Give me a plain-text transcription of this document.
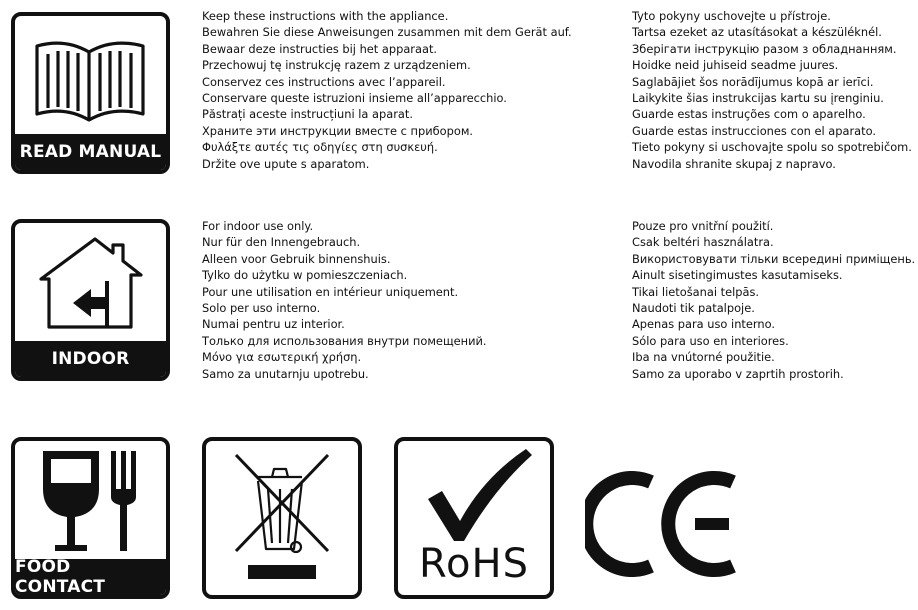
READ MANUAL
Keep these instructions with the appliance.
Bewahren Sie diese Anweisungen zusammen mit dem Gerät auf.
Bewaar deze instructies bij het apparaat.
Przechowuj tę instrukcję razem z urządzeniem.
Conservez ces instructions avec l’appareil.
Conservare queste istruzioni insieme all’apparecchio.
Păstrați aceste instrucțiuni la aparat.
Храните эти инструкции вместе с прибором.
Φυλάξτε αυτές τις οδηγίες στη συσκευή.
Držite ove upute s aparatom.
Tyto pokyny uschovejte u přístroje.
Tartsa ezeket az utasításokat a készüléknél.
Зберігати інструкцію разом з обладнанням.
Hoidke neid juhiseid seadme juures.
Saglabājiet šos norādījumus kopā ar ierīci.
Laikykite šias instrukcijas kartu su įrenginiu.
Guarde estas instruções com o aparelho.
Guarde estas instrucciones con el aparato.
Tieto pokyny si uschovajte spolu so spotrebičom.
Navodila shranite skupaj z napravo.
INDOOR
For indoor use only.
Nur für den Innengebrauch.
Alleen voor Gebruik binnenshuis.
Tylko do użytku w pomieszczeniach.
Pour une utilisation en intérieur uniquement.
Solo per uso interno.
Numai pentru uz interior.
Только для использования внутри помещений.
Μόνο για εσωτερική χρήση.
Samo za unutarnju upotrebu.
Pouze pro vnitřní použití.
Csak beltéri használatra.
Використовувати тільки всередині приміщень.
Ainult sisetingimustes kasutamiseks.
Tikai lietošanai telpās.
Naudoti tik patalpoje.
Apenas para uso interno.
Sólo para uso en interiores.
Iba na vnútorné použitie.
Samo za uporabo v zaprtih prostorih.
FOOD CONTACT	RoHS
